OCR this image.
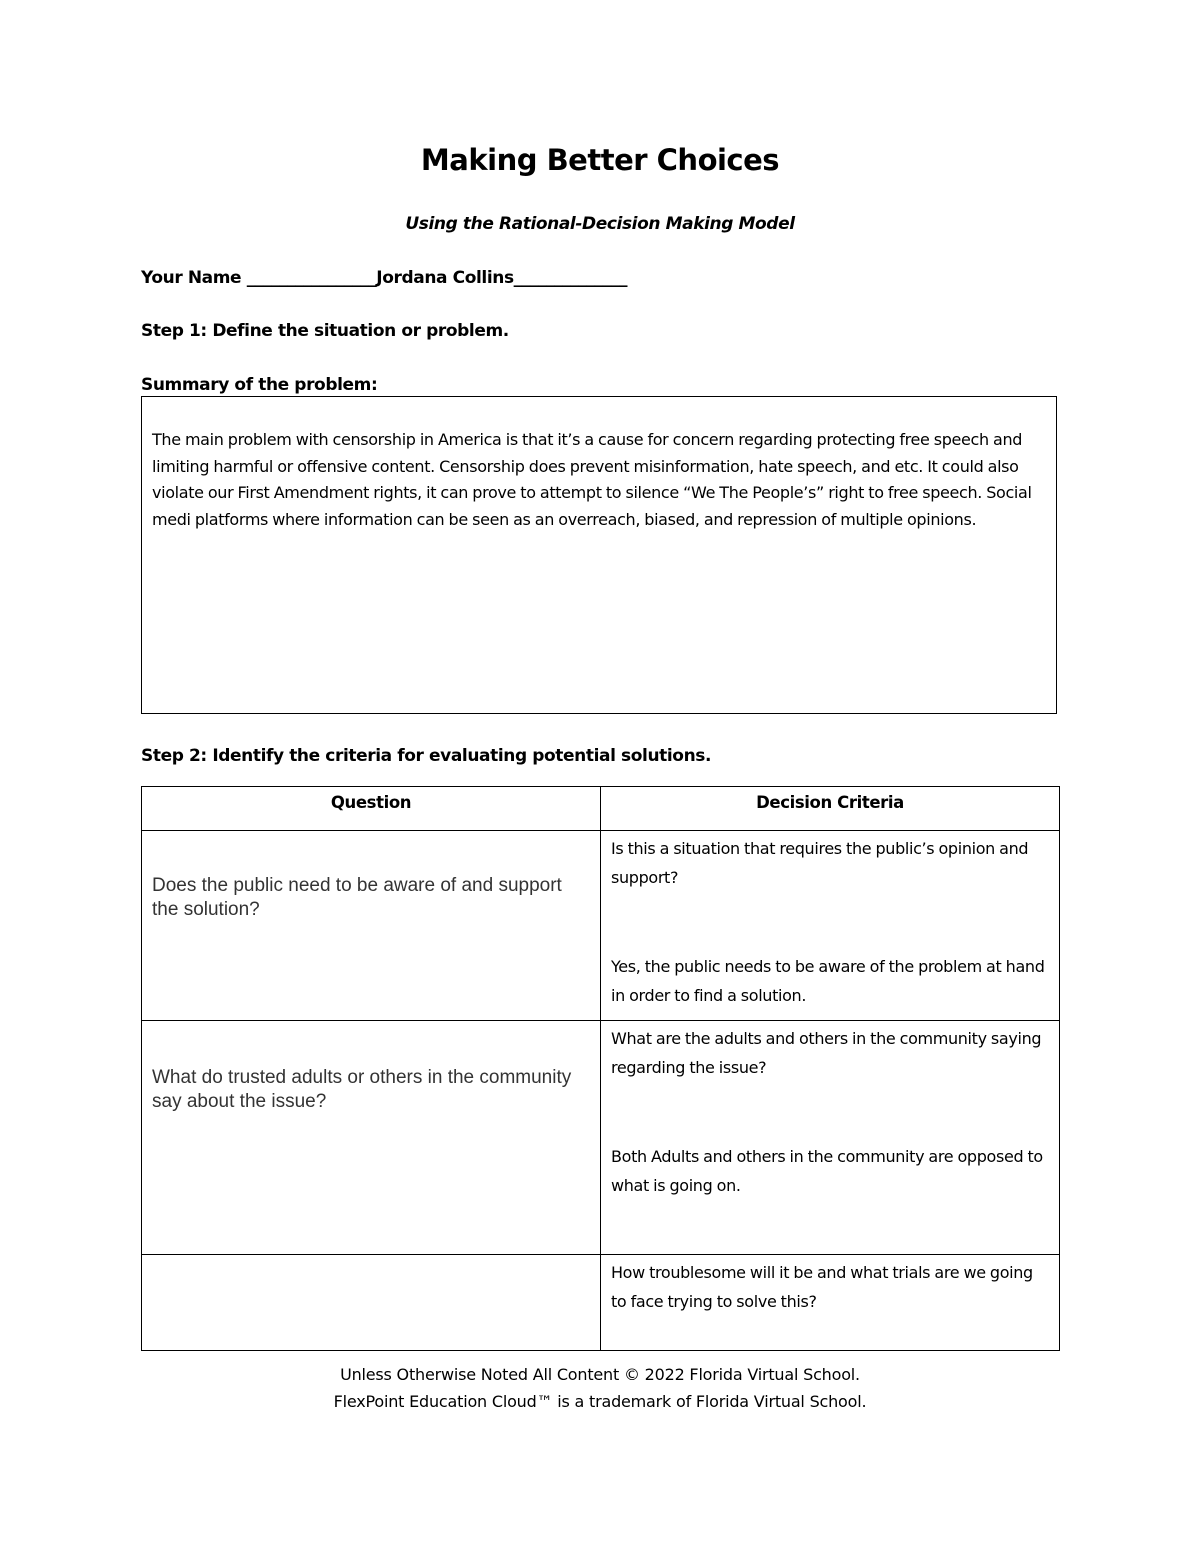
Making Better Choices
Using the Rational-Decision Making Model
Your Name ________________Jordana Collins______________
Step 1: Define the situation or problem.
Summary of the problem:
The main problem with censorship in America is that it’s a cause for concern regarding protecting free speech and limiting harmful or offensive content. Censorship does prevent misinformation, hate speech, and etc. It could also violate our First Amendment rights, it can prove to attempt to silence “We The People’s” right to free speech. Social medi platforms where information can be seen as an overreach, biased, and repression of multiple opinions.
Step 2: Identify the criteria for evaluating potential solutions.
Question	Decision Criteria

Does the public need to be aware of and support the solution?	Is this a situation that requires the public’s opinion and support?

Yes, the public needs to be aware of the problem at hand in order to find a solution.

What do trusted adults or others in the community say about the issue?	What are the adults and others in the community saying regarding the issue?

Both Adults and others in the community are opposed to what is going on.

	How troublesome will it be and what trials are we going to face trying to solve this?

Unless Otherwise Noted All Content © 2022 Florida Virtual School.
FlexPoint Education Cloud™ is a trademark of Florida Virtual School.
